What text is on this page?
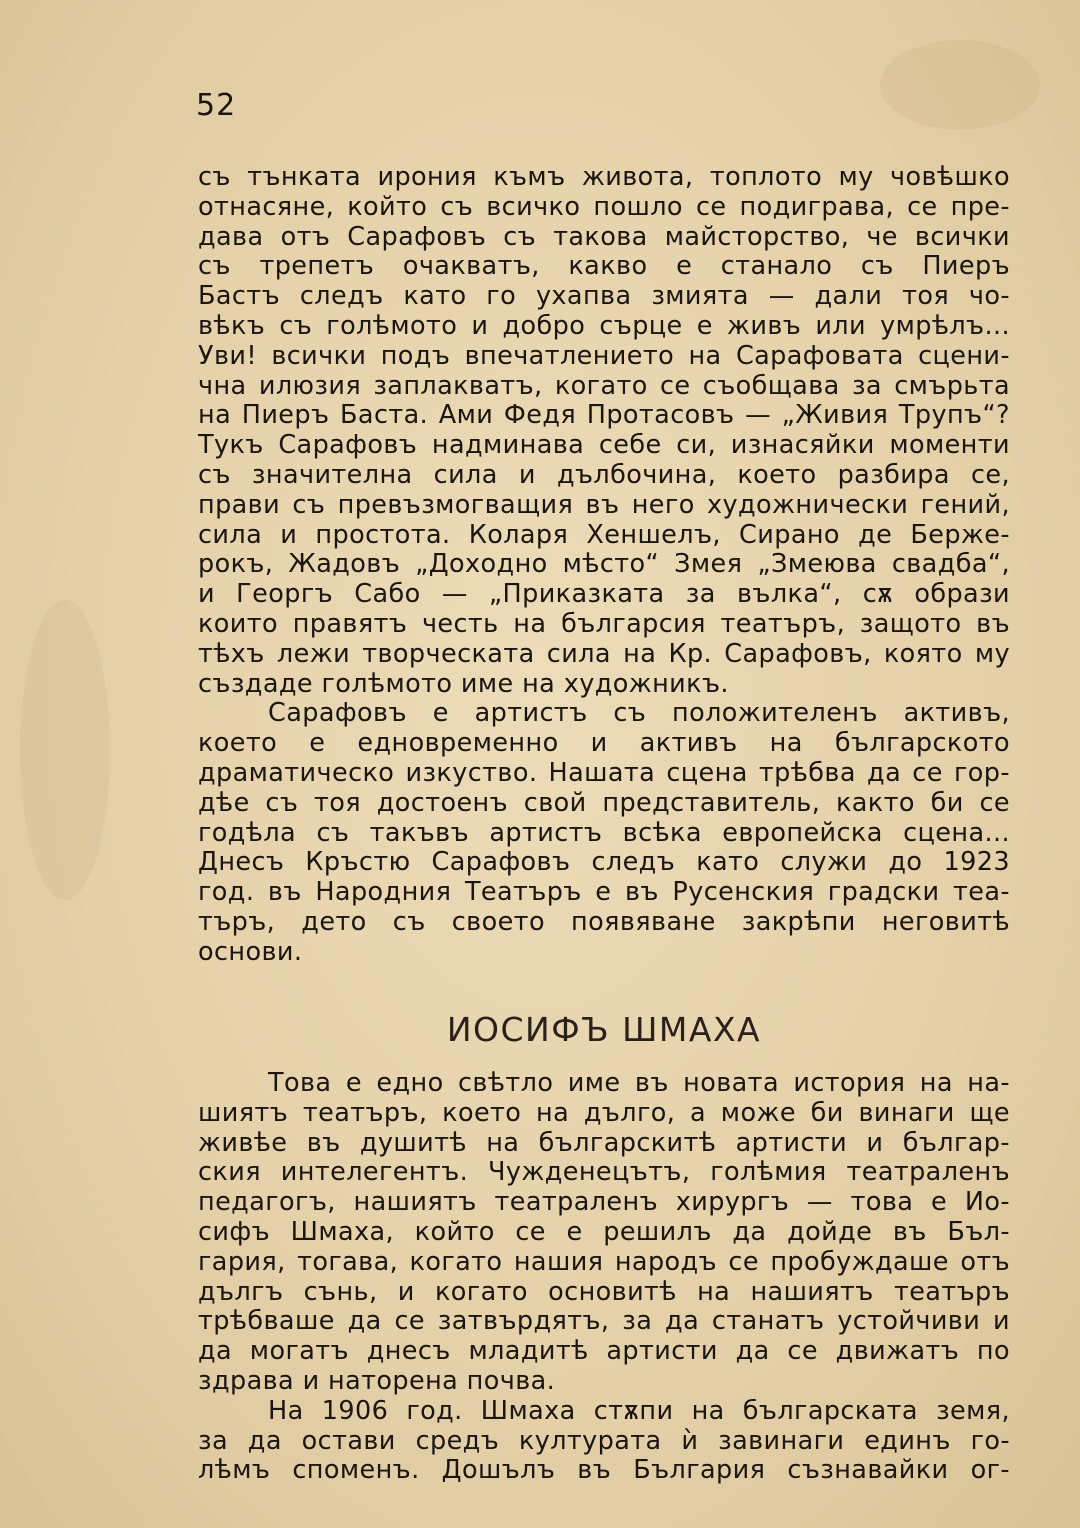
52

съ тънката ирония къмъ живота, топлото му човѣшко

отнасяне, който съ всичко пошло се подиграва, се пре-

дава отъ Сарафовъ съ такова майсторство, че всички

съ трепетъ очакватъ, какво е станало съ Пиеръ

Бастъ следъ като го ухапва змията — дали тоя чо-

вѣкъ съ голѣмото и добро сърце е живъ или умрѣлъ...

Уви! всички подъ впечатлението на Сарафовата сцени-

чна илюзия заплакватъ, когато се съобщава за смърьта

на Пиеръ Баста. Ами Федя Протасовъ — „Живия Трупъ“?

Тукъ Сарафовъ надминава себе си, изнасяйки моменти

съ значителна сила и дълбочина, което разбира се,

прави съ превъзмогващия въ него художнически гений,

сила и простота. Коларя Хеншелъ, Сирано де Берже-

рокъ, Жадовъ „Доходно мѣсто“ Змея „Змеюва свадба“,

и Георгъ Сабо — „Приказката за вълка“, сѫ образи

които правятъ честь на българсия театъръ, защото въ

тѣхъ лежи творческата сила на Кр. Сарафовъ, която му

създаде голѣмото име на художникъ.

Сарафовъ е артистъ съ положителенъ активъ,

което е едновременно и активъ на българското

драматическо изкуство. Нашата сцена трѣбва да се гор-

дѣе съ тоя достоенъ свой представитель, както би се

годѣла съ такъвъ артистъ всѣка европейска сцена...

Днесъ Кръстю Сарафовъ следъ като служи до 1923

год. въ Народния Театъръ е въ Русенския градски теа-

търъ, дето съ своето появяване закрѣпи неговитѣ

основи.

ИОСИФЪ ШМАХА

Това е едно свѣтло име въ новата история на на-

шиятъ театъръ, което на дълго, а може би винаги ще

живѣе въ душитѣ на българскитѣ артисти и българ-

ския интелегентъ. Чужденецътъ, голѣмия театраленъ

педагогъ, нашиятъ театраленъ хирургъ — това е Ио-

сифъ Шмаха, който се е решилъ да дойде въ Бъл-

гария, тогава, когато нашия народъ се пробуждаше отъ

дългъ сънь, и когато основитѣ на нашиятъ театъръ

трѣбваше да се затвърдятъ, за да станатъ устойчиви и

да могатъ днесъ младитѣ артисти да се движатъ по

здрава и наторена почва.

На 1906 год. Шмаха стѫпи на българската земя,

за да остави средъ културата ѝ завинаги единъ го-

лѣмъ споменъ. Дошълъ въ България съзнавайки ог-
